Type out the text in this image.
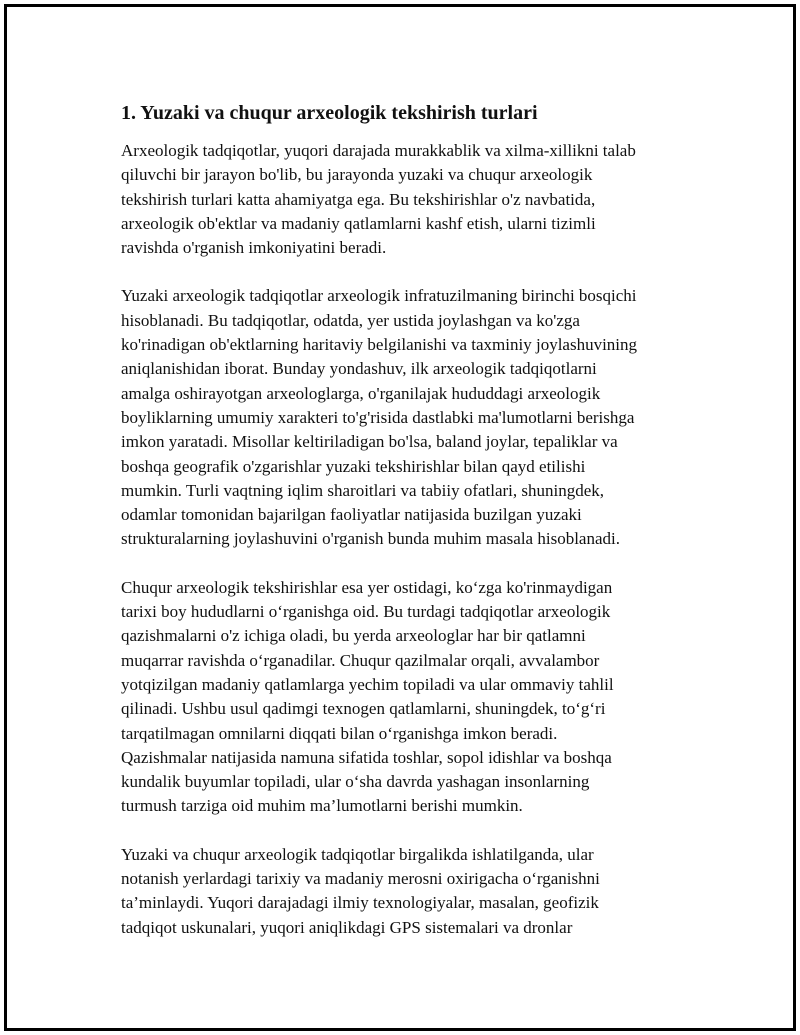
1. Yuzaki va chuqur arxeologik tekshirish turlari
Arxeologik tadqiqotlar, yuqori darajada murakkablik va xilma-xillikni talab
qiluvchi bir jarayon bo'lib, bu jarayonda yuzaki va chuqur arxeologik
tekshirish turlari katta ahamiyatga ega. Bu tekshirishlar o'z navbatida,
arxeologik ob'ektlar va madaniy qatlamlarni kashf etish, ularni tizimli
ravishda o'rganish imkoniyatini beradi.
Yuzaki arxeologik tadqiqotlar arxeologik infratuzilmaning birinchi bosqichi
hisoblanadi. Bu tadqiqotlar, odatda, yer ustida joylashgan va ko'zga
ko'rinadigan ob'ektlarning haritaviy belgilanishi va taxminiy joylashuvining
aniqlanishidan iborat. Bunday yondashuv, ilk arxeologik tadqiqotlarni
amalga oshirayotgan arxeologlarga, o'rganilajak hududdagi arxeologik
boyliklarning umumiy xarakteri to'g'risida dastlabki ma'lumotlarni berishga
imkon yaratadi. Misollar keltiriladigan bo'lsa, baland joylar, tepaliklar va
boshqa geografik o'zgarishlar yuzaki tekshirishlar bilan qayd etilishi
mumkin. Turli vaqtning iqlim sharoitlari va tabiiy ofatlari, shuningdek,
odamlar tomonidan bajarilgan faoliyatlar natijasida buzilgan yuzaki
strukturalarning joylashuvini o'rganish bunda muhim masala hisoblanadi.
Chuqur arxeologik tekshirishlar esa yer ostidagi, ko‘zga ko'rinmaydigan
tarixi boy hududlarni o‘rganishga oid. Bu turdagi tadqiqotlar arxeologik
qazishmalarni o'z ichiga oladi, bu yerda arxeologlar har bir qatlamni
muqarrar ravishda o‘rganadilar. Chuqur qazilmalar orqali, avvalambor
yotqizilgan madaniy qatlamlarga yechim topiladi va ular ommaviy tahlil
qilinadi. Ushbu usul qadimgi texnogen qatlamlarni, shuningdek, to‘g‘ri
tarqatilmagan omnilarni diqqati bilan o‘rganishga imkon beradi.
Qazishmalar natijasida namuna sifatida toshlar, sopol idishlar va boshqa
kundalik buyumlar topiladi, ular o‘sha davrda yashagan insonlarning
turmush tarziga oid muhim ma’lumotlarni berishi mumkin.
Yuzaki va chuqur arxeologik tadqiqotlar birgalikda ishlatilganda, ular
notanish yerlardagi tarixiy va madaniy merosni oxirigacha o‘rganishni
ta’minlaydi. Yuqori darajadagi ilmiy texnologiyalar, masalan, geofizik
tadqiqot uskunalari, yuqori aniqlikdagi GPS sistemalari va dronlar
